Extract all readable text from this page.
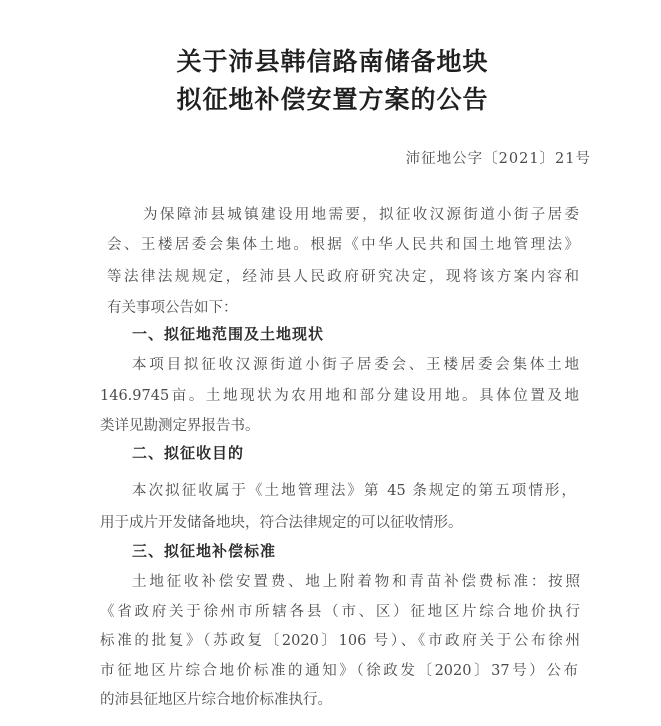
关于沛县韩信路南储备地块
拟征地补偿安置方案的公告
沛征地公字〔2021〕21号
为保障沛县城镇建设用地需要，拟征收汉源街道小街子居委
会、王楼居委会集体土地。根据《中华人民共和国土地管理法》
等法律法规规定，经沛县人民政府研究决定，现将该方案内容和
有关事项公告如下：
一、拟征地范围及土地现状
本项目拟征收汉源街道小街子居委会、王楼居委会集体土地
146.9745亩。土地现状为农用地和部分建设用地。具体位置及地
类详见勘测定界报告书。
二、拟征收目的
本次拟征收属于《土地管理法》第 45 条规定的第五项情形，
用于成片开发储备地块，符合法律规定的可以征收情形。
三、拟征地补偿标准
土地征收补偿安置费、地上附着物和青苗补偿费标准：按照
《省政府关于徐州市所辖各县（市、区）征地区片综合地价执行
标准的批复》（苏政复〔2020〕106 号）、《市政府关于公布徐州
市征地区片综合地价标准的通知》（徐政发〔2020〕37号）公布
的沛县征地区片综合地价标准执行。
